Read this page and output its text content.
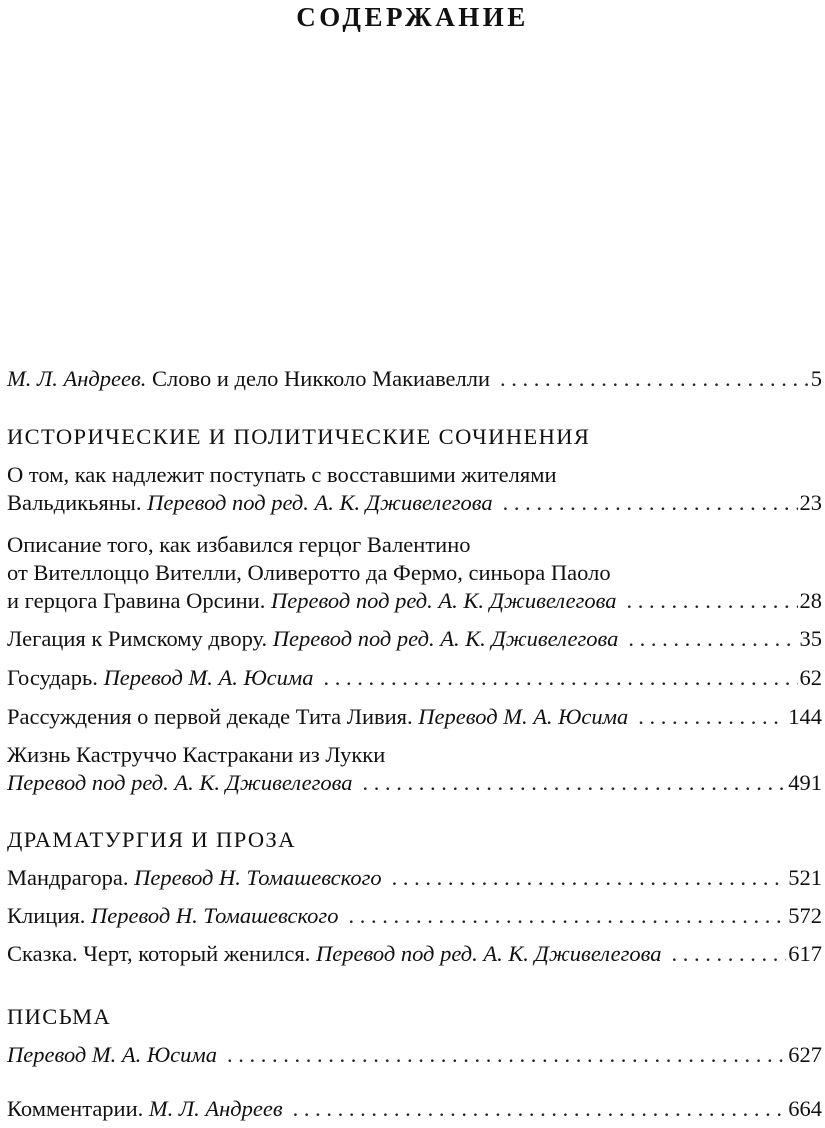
СОДЕРЖАНИЕ
М. Л. Андреев. Слово и дело Никколо Макиавелли . . .	5
ИСТОРИЧЕСКИЕ И ПОЛИТИЧЕСКИЕ СОЧИНЕНИЯ
О том, как надлежит поступать с восставшими жителями
Вальдикьяны. Перевод под ред. А. К. Дживелегова . . .	23
Описание того, как избавился герцог Валентино
от Вителлоццо Вителли, Оливеротто да Фермо, синьора Паоло
и герцога Гравина Орсини. Перевод под ред. А. К. Дживелегова . . .	28
Легация к Римскому двору. Перевод под ред. А. К. Дживелегова . . .	35
Государь. Перевод М. А. Юсима . . .	62
Рассуждения о первой декаде Тита Ливия. Перевод М. А. Юсима . . .	144
Жизнь Каструччо Кастракани из Лукки
Перевод под ред. А. К. Дживелегова . . .	491
ДРАМАТУРГИЯ И ПРОЗА
Мандрагора. Перевод Н. Томашевского . . .	521
Клиция. Перевод Н. Томашевского . . .	572
Сказка. Черт, который женился. Перевод под ред. А. К. Дживелегова . . .	617
ПИСЬМА
Перевод М. А. Юсима . . .	627
Комментарии. М. Л. Андреев . . .	664
